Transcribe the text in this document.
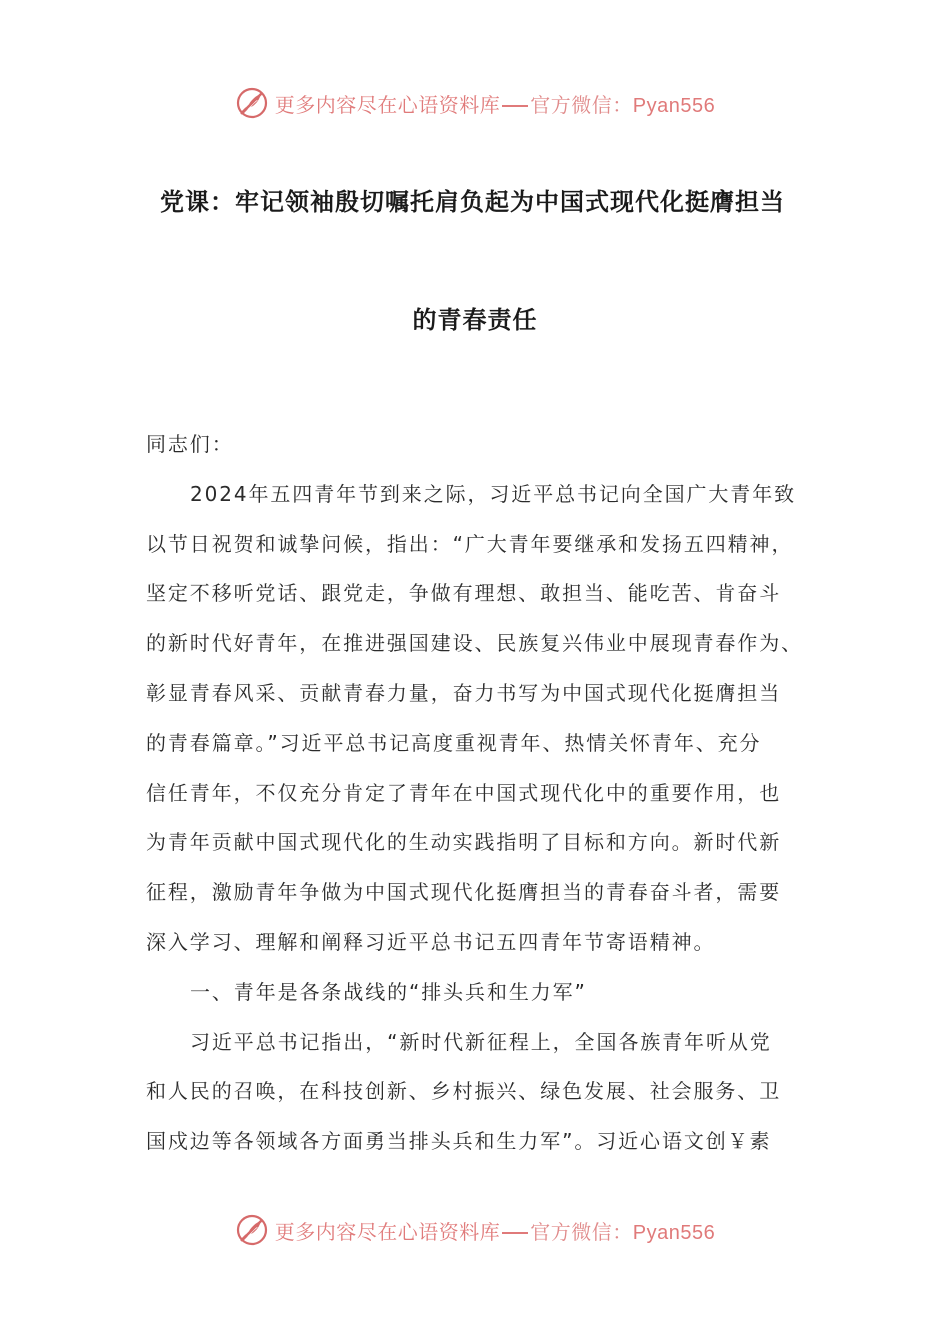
更多内容尽在心语资料库 官方微信：Pyan556
党课：牢记领袖殷切嘱托肩负起为中国式现代化挺膺担当
的青春责任

同志们：

2024年五四青年节到来之际，习近平总书记向全国广大青年致

以节日祝贺和诚挚问候，指出：“广大青年要继承和发扬五四精神，

坚定不移听党话、跟党走，争做有理想、敢担当、能吃苦、肯奋斗

的新时代好青年，在推进强国建设、民族复兴伟业中展现青春作为、

彰显青春风采、贡献青春力量，奋力书写为中国式现代化挺膺担当

的青春篇章。”习近平总书记高度重视青年、热情关怀青年、充分

信任青年，不仅充分肯定了青年在中国式现代化中的重要作用，也

为青年贡献中国式现代化的生动实践指明了目标和方向。新时代新

征程，激励青年争做为中国式现代化挺膺担当的青春奋斗者，需要

深入学习、理解和阐释习近平总书记五四青年节寄语精神。

一、青年是各条战线的“排头兵和生力军”

习近平总书记指出，“新时代新征程上，全国各族青年听从党

和人民的召唤，在科技创新、乡村振兴、绿色发展、社会服务、卫

国戍边等各领域各方面勇当排头兵和生力军”。习近心语文创￥素

更多内容尽在心语资料库 官方微信：Pyan556
